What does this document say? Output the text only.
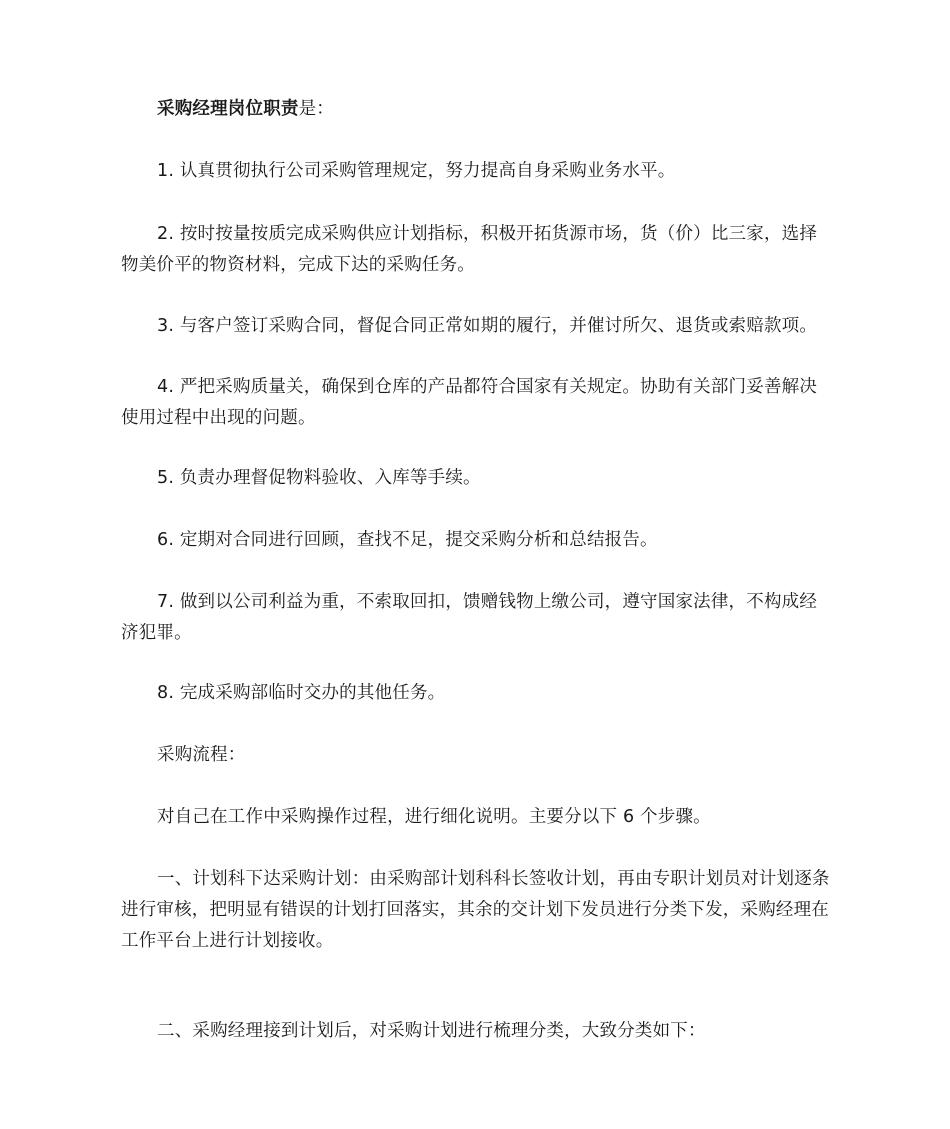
采购经理岗位职责是：

1. 认真贯彻执行公司采购管理规定，努力提高自身采购业务水平。

2. 按时按量按质完成采购供应计划指标，积极开拓货源市场，货（价）比三家，选择物美价平的物资材料，完成下达的采购任务。

3. 与客户签订采购合同，督促合同正常如期的履行，并催讨所欠、退货或索赔款项。

4. 严把采购质量关，确保到仓库的产品都符合国家有关规定。协助有关部门妥善解决使用过程中出现的问题。

5. 负责办理督促物料验收、入库等手续。

6. 定期对合同进行回顾，查找不足，提交采购分析和总结报告。

7. 做到以公司利益为重，不索取回扣，馈赠钱物上缴公司，遵守国家法律，不构成经济犯罪。

8. 完成采购部临时交办的其他任务。

采购流程：

对自己在工作中采购操作过程，进行细化说明。主要分以下 6 个步骤。

一、计划科下达采购计划：由采购部计划科科长签收计划，再由专职计划员对计划逐条进行审核，把明显有错误的计划打回落实，其余的交计划下发员进行分类下发，采购经理在工作平台上进行计划接收。

二、采购经理接到计划后，对采购计划进行梳理分类，大致分类如下：
